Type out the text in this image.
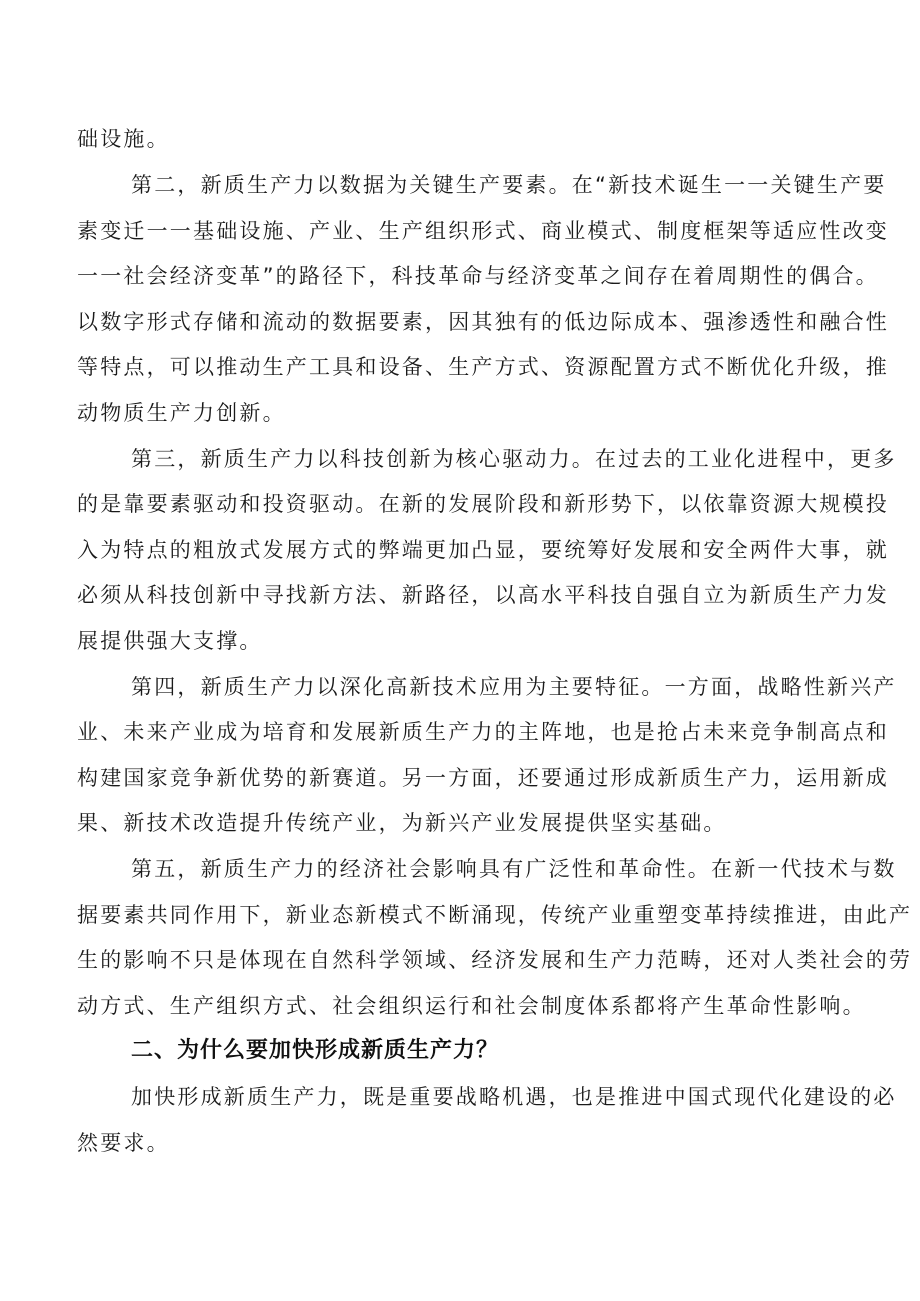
础设施。
第二，新质生产力以数据为关键生产要素。在“新技术诞生一一关键生产要
素变迁一一基础设施、产业、生产组织形式、商业模式、制度框架等适应性改变
一一社会经济变革”的路径下，科技革命与经济变革之间存在着周期性的偶合。
以数字形式存储和流动的数据要素，因其独有的低边际成本、强渗透性和融合性
等特点，可以推动生产工具和设备、生产方式、资源配置方式不断优化升级，推
动物质生产力创新。
第三，新质生产力以科技创新为核心驱动力。在过去的工业化进程中，更多
的是靠要素驱动和投资驱动。在新的发展阶段和新形势下，以依靠资源大规模投
入为特点的粗放式发展方式的弊端更加凸显，要统筹好发展和安全两件大事，就
必须从科技创新中寻找新方法、新路径，以高水平科技自强自立为新质生产力发
展提供强大支撑。
第四，新质生产力以深化高新技术应用为主要特征。一方面，战略性新兴产
业、未来产业成为培育和发展新质生产力的主阵地，也是抢占未来竞争制高点和
构建国家竞争新优势的新赛道。另一方面，还要通过形成新质生产力，运用新成
果、新技术改造提升传统产业，为新兴产业发展提供坚实基础。
第五，新质生产力的经济社会影响具有广泛性和革命性。在新一代技术与数
据要素共同作用下，新业态新模式不断涌现，传统产业重塑变革持续推进，由此产
生的影响不只是体现在自然科学领域、经济发展和生产力范畴，还对人类社会的劳
动方式、生产组织方式、社会组织运行和社会制度体系都将产生革命性影响。
二、为什么要加快形成新质生产力？
加快形成新质生产力，既是重要战略机遇，也是推进中国式现代化建设的必
然要求。
